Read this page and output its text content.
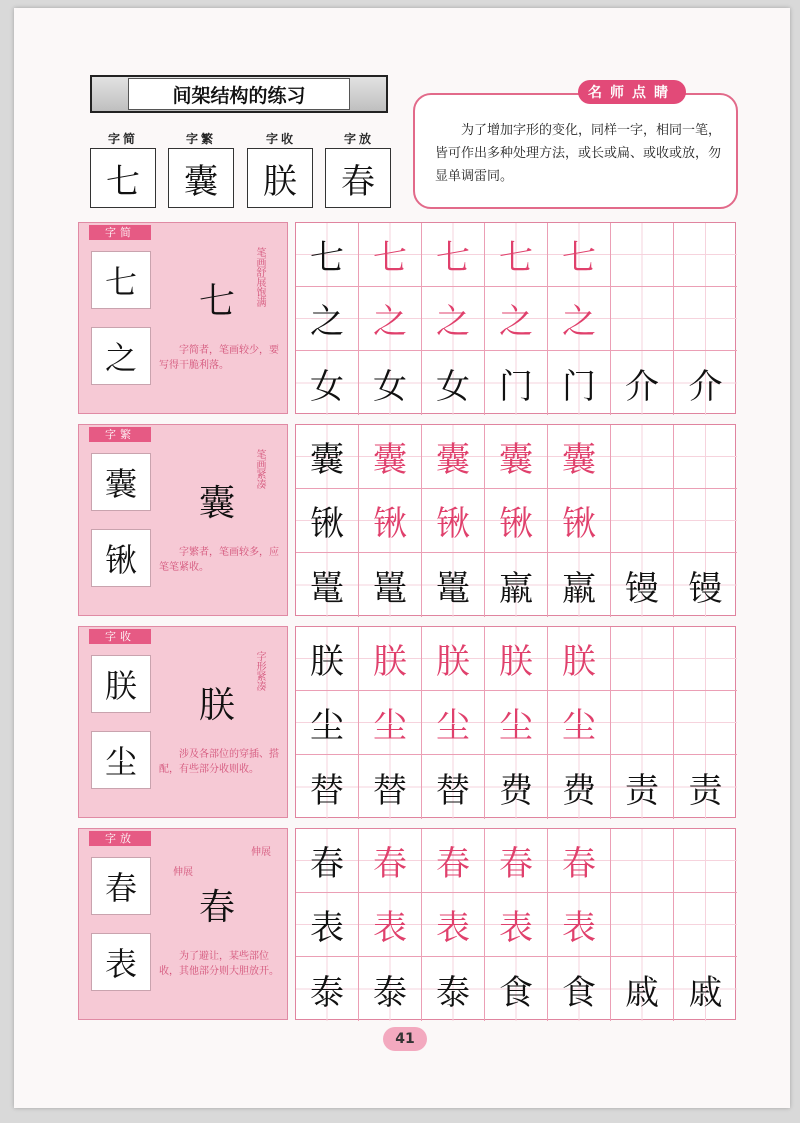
间架结构的练习
字简	字繁	字收	字放
七	囊	朕	春

为了增加字形的变化，同样一字，相同一笔，皆可作出多种处理方法，或长或扁、或收或放，勿显单调雷同。

名师点睛
字简
七
之
七	笔画舒展饱满
字简者，笔画较少，要写得干脆利落。
七 七 七 七 七
之 之 之 之 之
女 女 女 门 门 介 介
字繁
囊
锹
囊
笔画紧凑
字繁者，笔画较多，应笔笔紧收。
囊 囊 囊 囊 囊
锹 锹 锹 锹 锹
鼍 鼍 鼍 羸 羸 镘 镘
字收
朕
尘
朕
字形紧凑
涉及各部位的穿插、搭配，有些部分收则收。
朕 朕 朕 朕 朕
尘 尘 尘 尘 尘
替 替 替 费 费 责 责
字放
春
表
春
伸展
伸展
为了避让，某些部位收，其他部分则大胆放开。
春 春 春 春 春
表 表 表 表 表
泰 泰 泰 食 食 戚 戚
41
